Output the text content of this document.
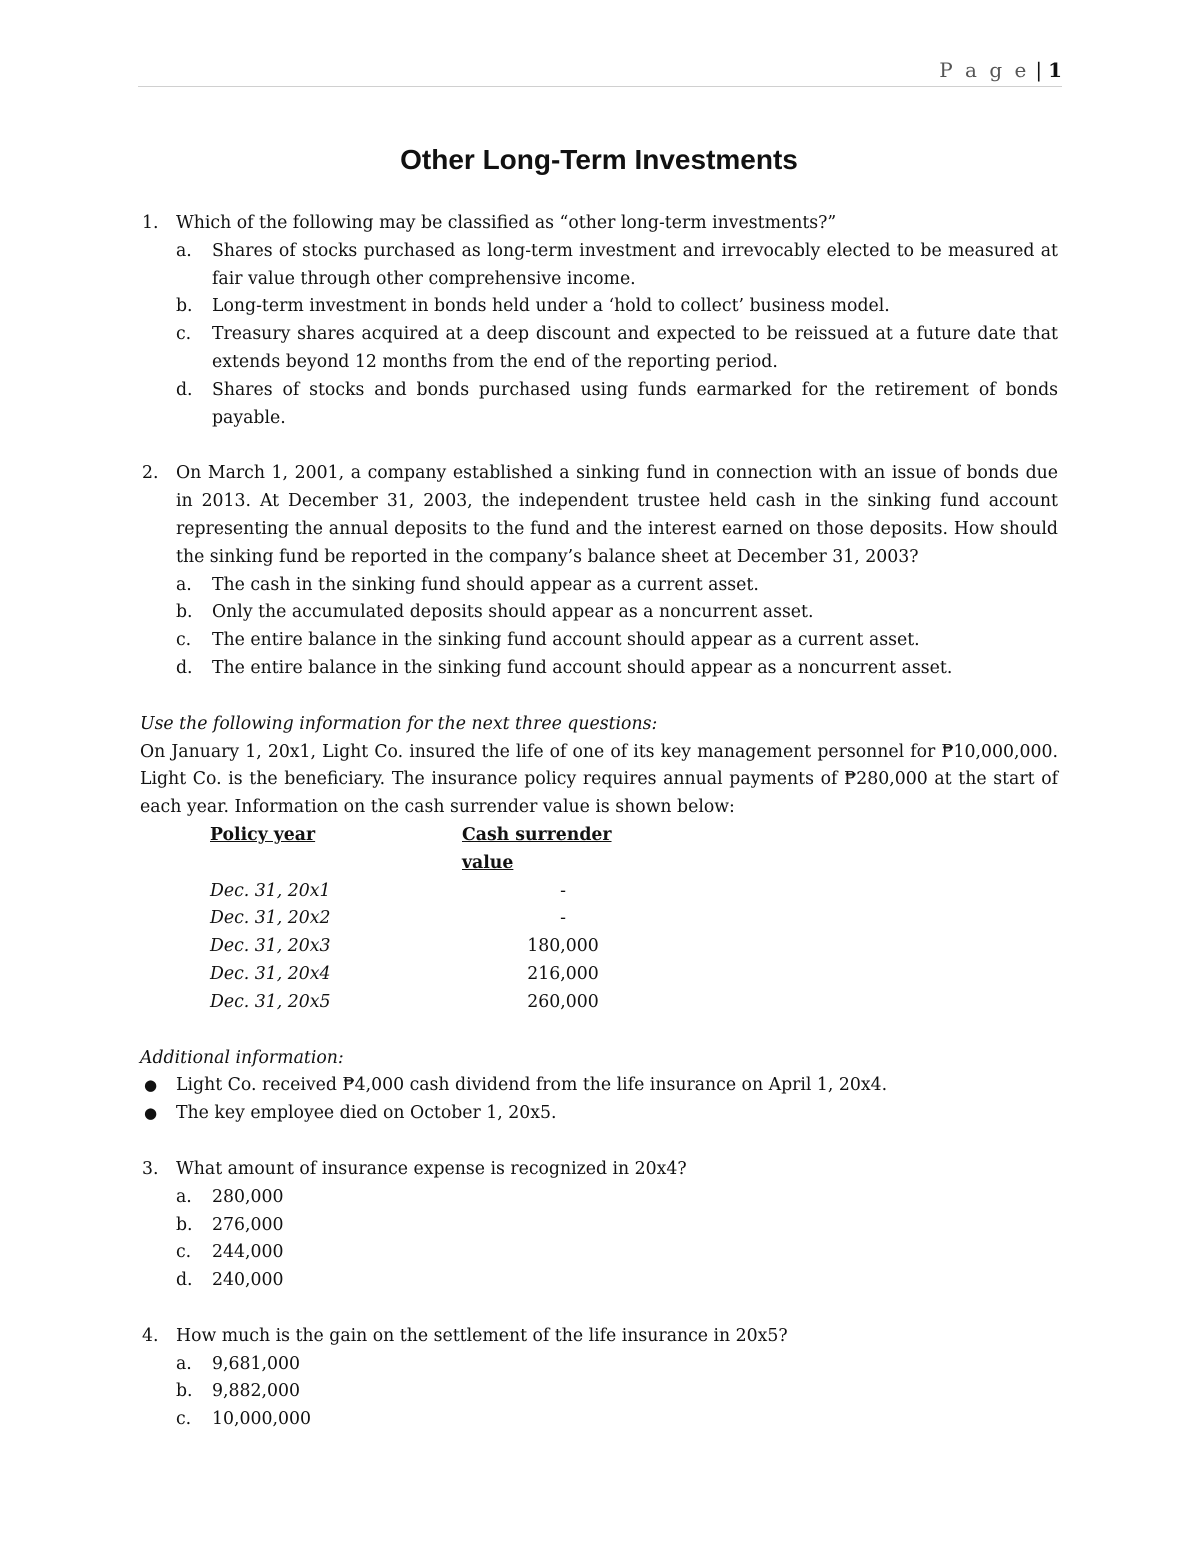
P a g e | 1
Other Long-Term Investments
1. Which of the following may be classified as “other long-term investments?”
a. Shares of stocks purchased as long-term investment and irrevocably elected to be measured at fair value through other comprehensive income.
b. Long-term investment in bonds held under a ‘hold to collect’ business model.
c. Treasury shares acquired at a deep discount and expected to be reissued at a future date that extends beyond 12 months from the end of the reporting period.
d. Shares of stocks and bonds purchased using funds earmarked for the retirement of bonds payable.
2. On March 1, 2001, a company established a sinking fund in connection with an issue of bonds due in 2013. At December 31, 2003, the independent trustee held cash in the sinking fund account representing the annual deposits to the fund and the interest earned on those deposits. How should the sinking fund be reported in the company’s balance sheet at December 31, 2003?
a. The cash in the sinking fund should appear as a current asset.
b. Only the accumulated deposits should appear as a noncurrent asset.
c. The entire balance in the sinking fund account should appear as a current asset.
d. The entire balance in the sinking fund account should appear as a noncurrent asset.
Use the following information for the next three questions:
On January 1, 20x1, Light Co. insured the life of one of its key management personnel for ₱10,000,000. Light Co. is the beneficiary. The insurance policy requires annual payments of ₱280,000 at the start of each year. Information on the cash surrender value is shown below:
Policy year	Cash surrender value
Dec. 31, 20x1	-
Dec. 31, 20x2	-
Dec. 31, 20x3	180,000
Dec. 31, 20x4	216,000
Dec. 31, 20x5	260,000
Additional information:
● Light Co. received ₱4,000 cash dividend from the life insurance on April 1, 20x4.
● The key employee died on October 1, 20x5.
3. What amount of insurance expense is recognized in 20x4?
a. 280,000
b. 276,000
c. 244,000
d. 240,000
4. How much is the gain on the settlement of the life insurance in 20x5?
a. 9,681,000
b. 9,882,000
c. 10,000,000
